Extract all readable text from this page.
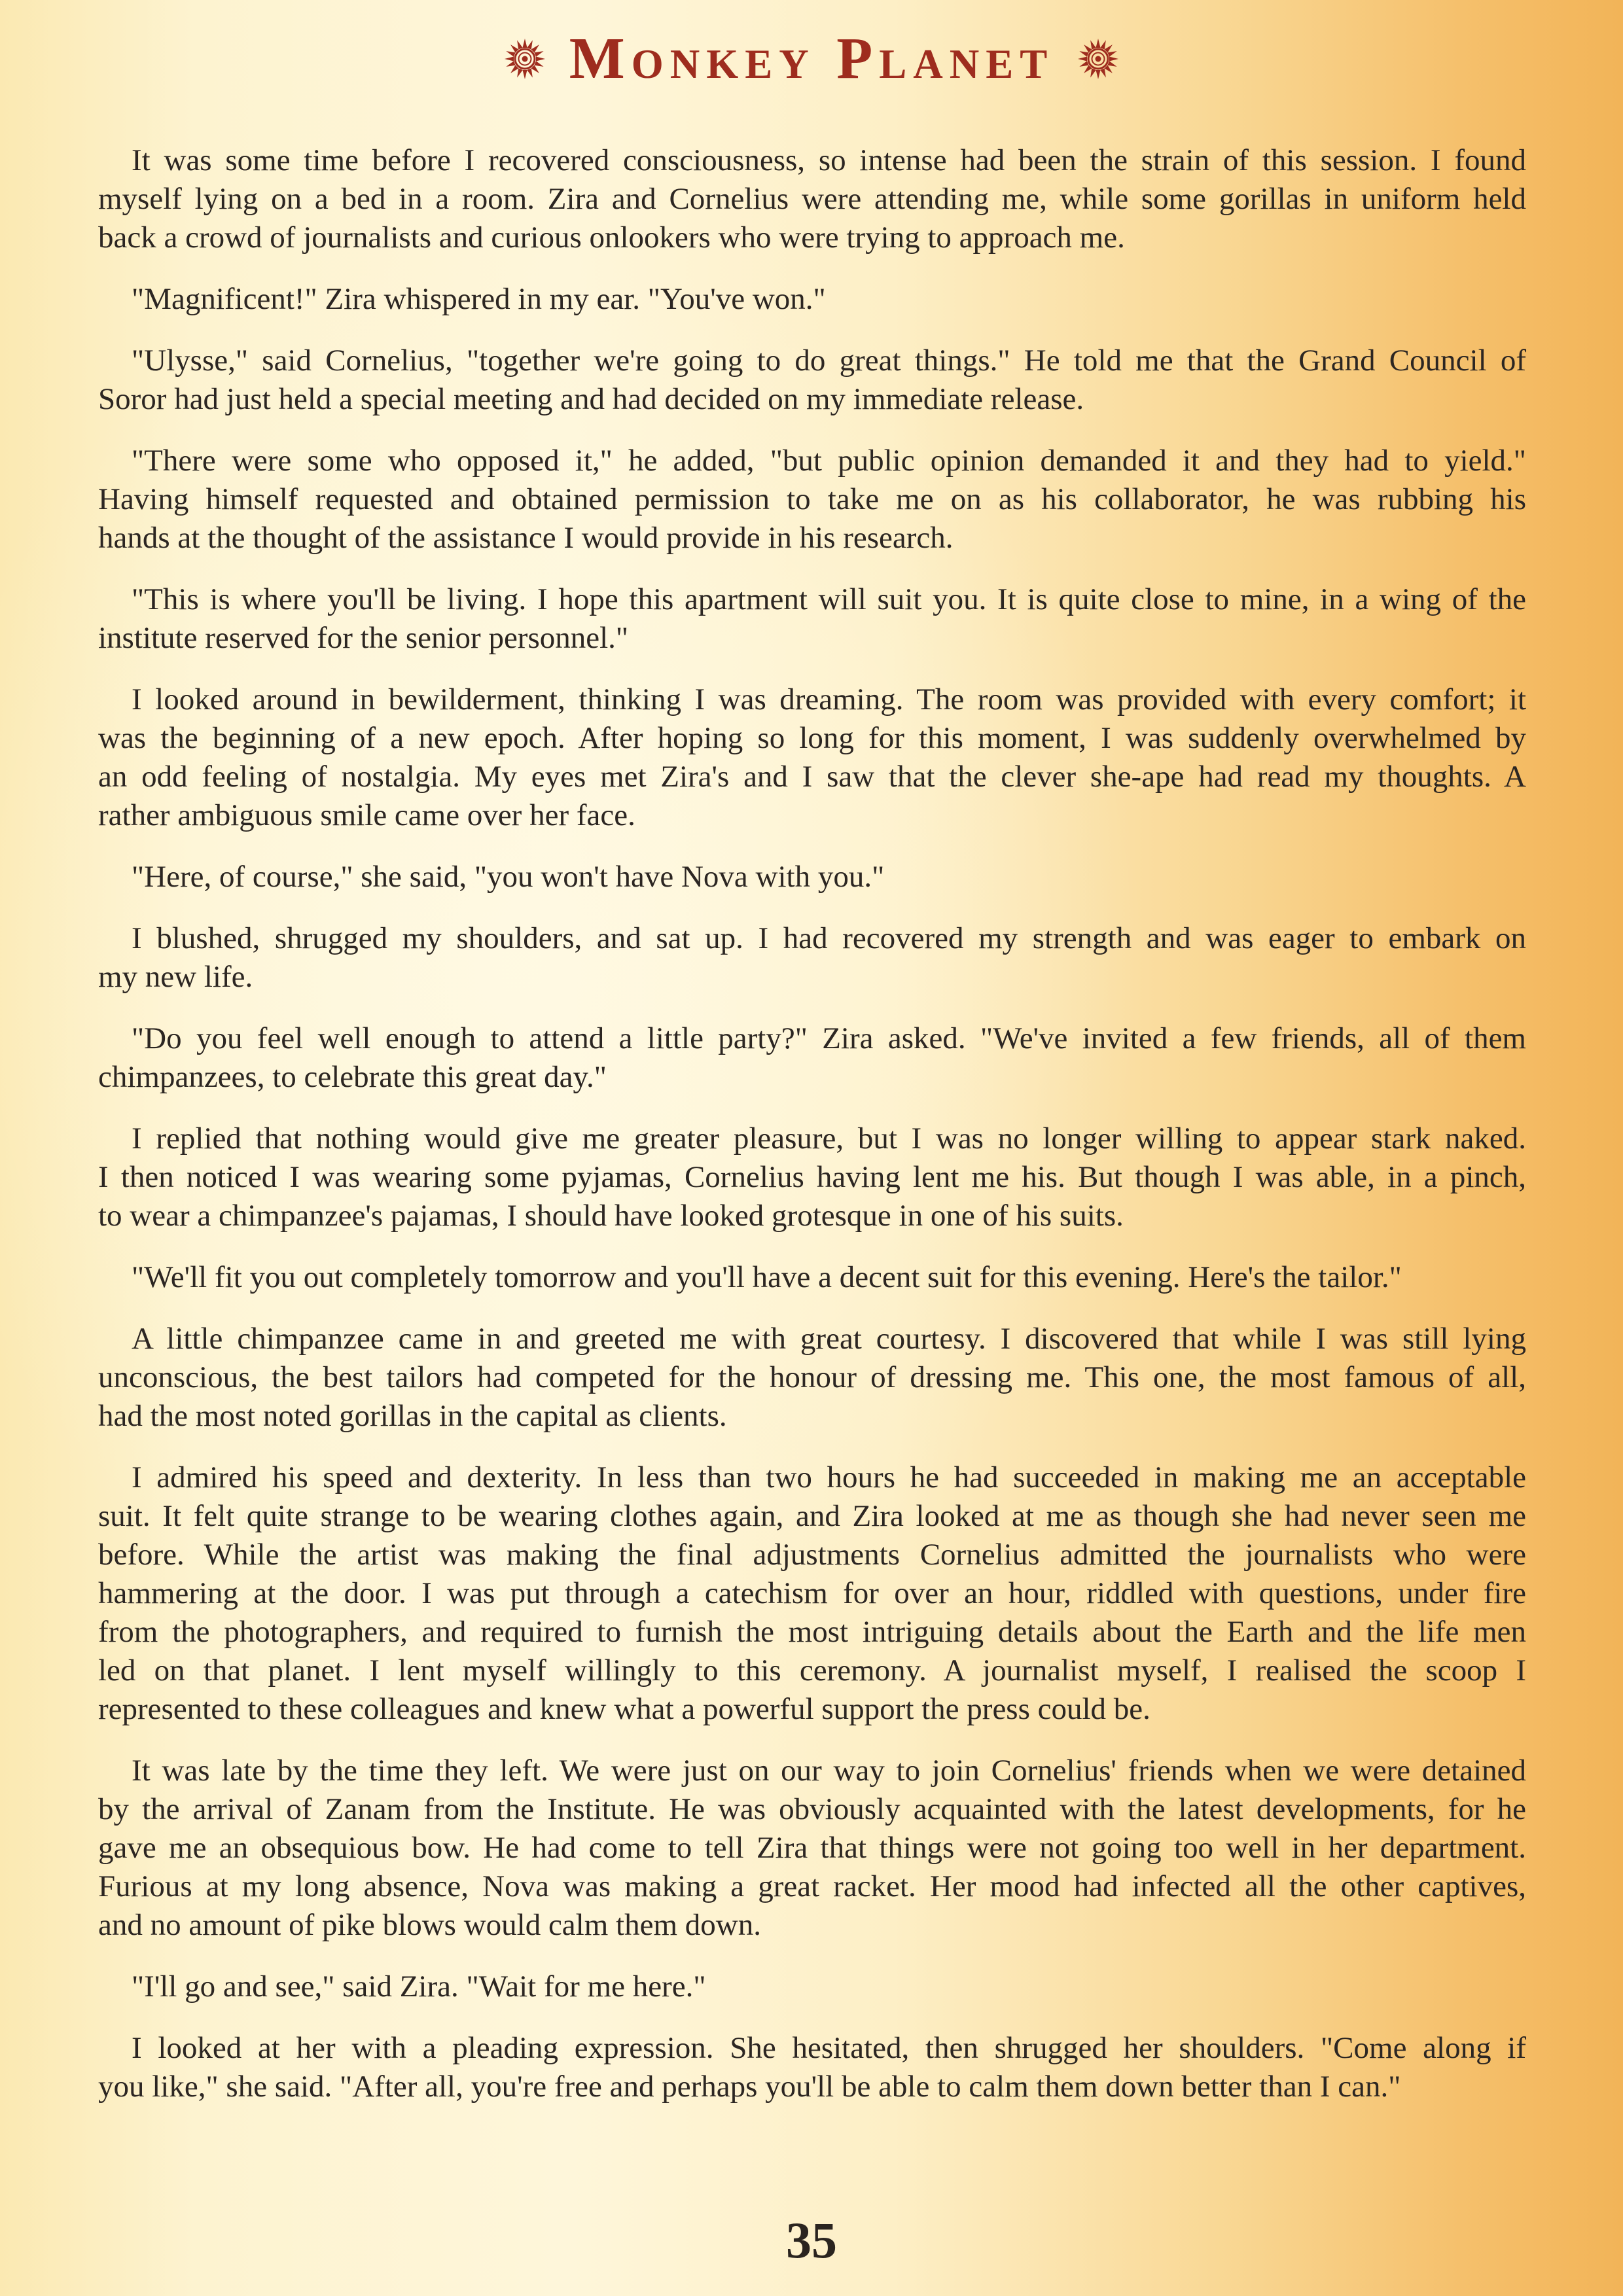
Monkey Planet
It was some time before I recovered consciousness, so intense had been the strain of this session. I found
myself lying on a bed in a room. Zira and Cornelius were attending me, while some gorillas in uniform held
back a crowd of journalists and curious onlookers who were trying to approach me.
"Magnificent!" Zira whispered in my ear. "You've won."
"Ulysse," said Cornelius, "together we're going to do great things." He told me that the Grand Council of
Soror had just held a special meeting and had decided on my immediate release.
"There were some who opposed it," he added, "but public opinion demanded it and they had to yield."
Having himself requested and obtained permission to take me on as his collaborator, he was rubbing his
hands at the thought of the assistance I would provide in his research.
"This is where you'll be living. I hope this apartment will suit you. It is quite close to mine, in a wing of the
institute reserved for the senior personnel."
I looked around in bewilderment, thinking I was dreaming. The room was provided with every comfort; it
was the beginning of a new epoch. After hoping so long for this moment, I was suddenly overwhelmed by
an odd feeling of nostalgia. My eyes met Zira's and I saw that the clever she-ape had read my thoughts. A
rather ambiguous smile came over her face.
"Here, of course," she said, "you won't have Nova with you."
I blushed, shrugged my shoulders, and sat up. I had recovered my strength and was eager to embark on
my new life.
"Do you feel well enough to attend a little party?" Zira asked. "We've invited a few friends, all of them
chimpanzees, to celebrate this great day."
I replied that nothing would give me greater pleasure, but I was no longer willing to appear stark naked.
I then noticed I was wearing some pyjamas, Cornelius having lent me his. But though I was able, in a pinch,
to wear a chimpanzee's pajamas, I should have looked grotesque in one of his suits.
"We'll fit you out completely tomorrow and you'll have a decent suit for this evening. Here's the tailor."
A little chimpanzee came in and greeted me with great courtesy. I discovered that while I was still lying
unconscious, the best tailors had competed for the honour of dressing me. This one, the most famous of all,
had the most noted gorillas in the capital as clients.
I admired his speed and dexterity. In less than two hours he had succeeded in making me an acceptable
suit. It felt quite strange to be wearing clothes again, and Zira looked at me as though she had never seen me
before. While the artist was making the final adjustments Cornelius admitted the journalists who were
hammering at the door. I was put through a catechism for over an hour, riddled with questions, under fire
from the photographers, and required to furnish the most intriguing details about the Earth and the life men
led on that planet. I lent myself willingly to this ceremony. A journalist myself, I realised the scoop I
represented to these colleagues and knew what a powerful support the press could be.
It was late by the time they left. We were just on our way to join Cornelius' friends when we were detained
by the arrival of Zanam from the Institute. He was obviously acquainted with the latest developments, for he
gave me an obsequious bow. He had come to tell Zira that things were not going too well in her department.
Furious at my long absence, Nova was making a great racket. Her mood had infected all the other captives,
and no amount of pike blows would calm them down.
"I'll go and see," said Zira. "Wait for me here."
I looked at her with a pleading expression. She hesitated, then shrugged her shoulders. "Come along if
you like," she said. "After all, you're free and perhaps you'll be able to calm them down better than I can."
35
